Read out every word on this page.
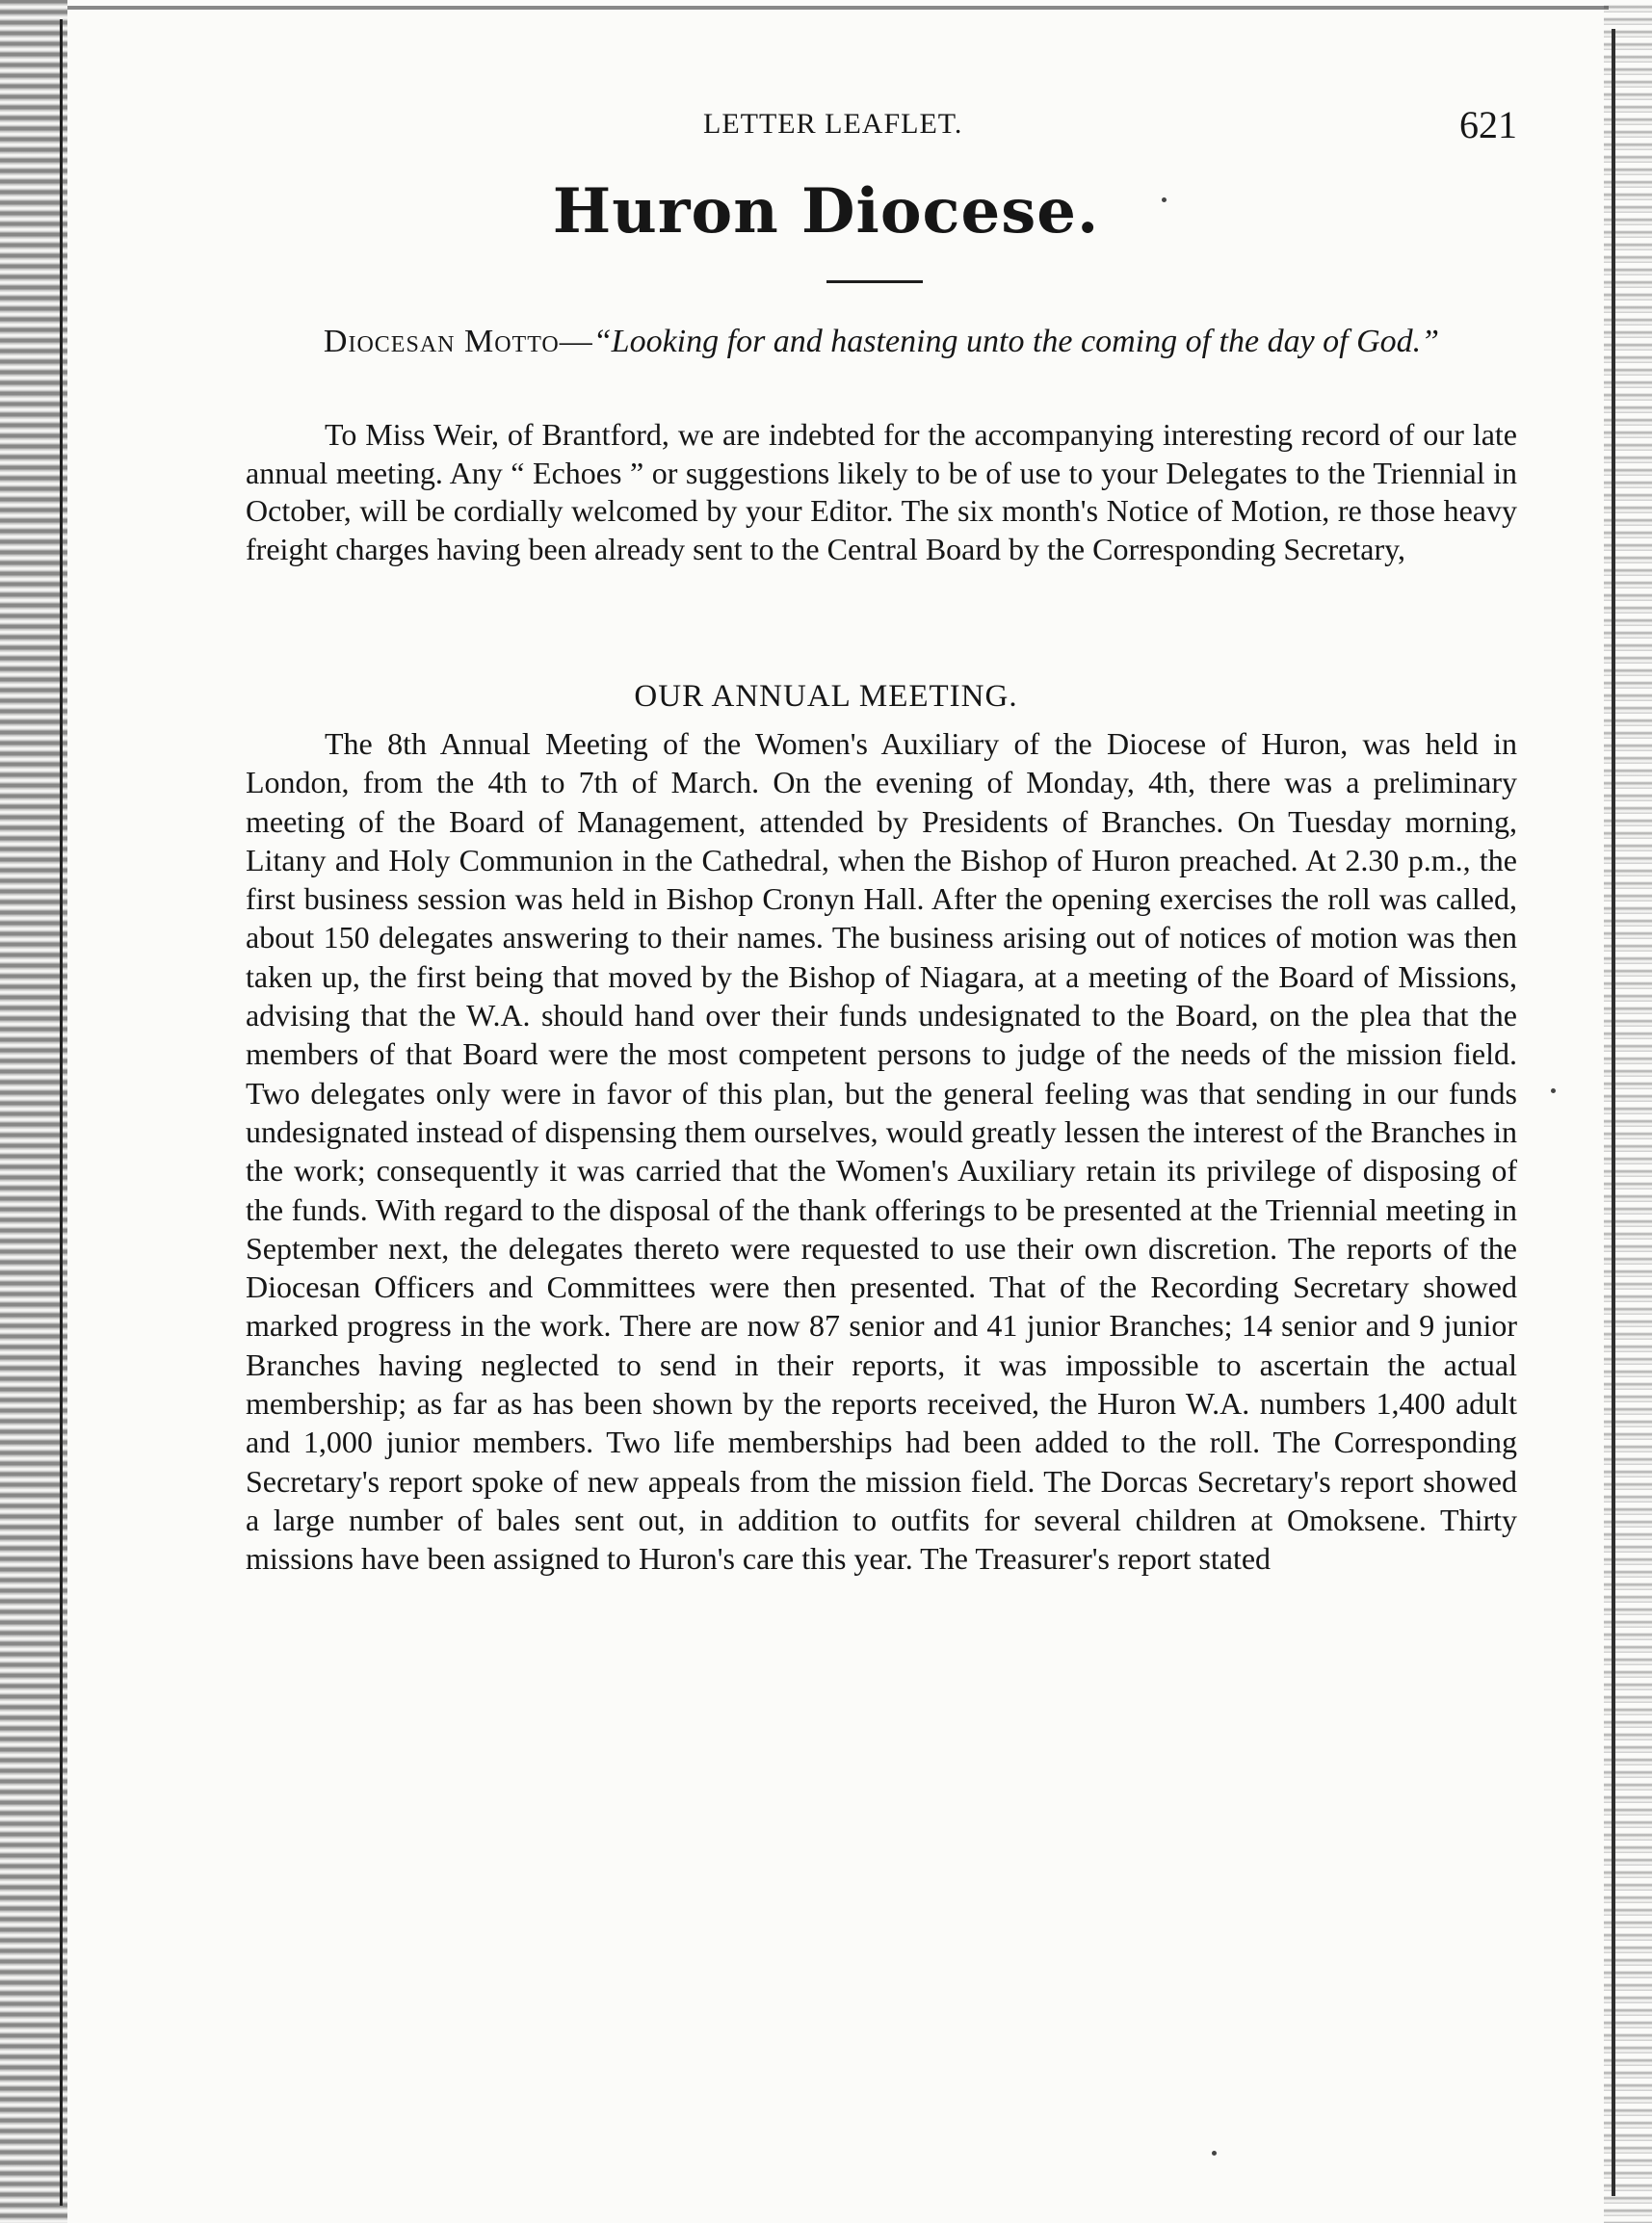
LETTER LEAFLET.	621
Huron Diocese.
Diocesan Motto—“Looking for and hastening unto the coming of the day of God.”

To Miss Weir, of Brantford, we are indebted for the accompanying interesting record of our late annual meeting. Any “ Echoes ” or suggestions likely to be of use to your Delegates to the Triennial in October, will be cordially welcomed by your Editor. The six month's Notice of Motion, re those heavy freight charges having been already sent to the Central Board by the Corresponding Secretary,

OUR ANNUAL MEETING.

The 8th Annual Meeting of the Women's Auxiliary of the Diocese of Huron, was held in London, from the 4th to 7th of March. On the evening of Monday, 4th, there was a preliminary meeting of the Board of Management, attended by Presidents of Branches. On Tuesday morning, Litany and Holy Communion in the Cathedral, when the Bishop of Huron preached. At 2.30 p.m., the first business session was held in Bishop Cronyn Hall. After the opening exercises the roll was called, about 150 delegates answering to their names. The business arising out of notices of motion was then taken up, the first being that moved by the Bishop of Niagara, at a meeting of the Board of Missions, advising that the W.A. should hand over their funds undesignated to the Board, on the plea that the members of that Board were the most competent persons to judge of the needs of the mission field. Two delegates only were in favor of this plan, but the general feeling was that sending in our funds undesignated instead of dispensing them ourselves, would greatly lessen the interest of the Branches in the work; consequently it was carried that the Women's Auxiliary retain its privilege of disposing of the funds. With regard to the disposal of the thank offerings to be presented at the Triennial meeting in September next, the delegates thereto were requested to use their own discretion. The reports of the Diocesan Officers and Committees were then presented. That of the Recording Secretary showed marked progress in the work. There are now 87 senior and 41 junior Branches; 14 senior and 9 junior Branches having neglected to send in their reports, it was impossible to ascertain the actual membership; as far as has been shown by the reports received, the Huron W.A. numbers 1,400 adult and 1,000 junior members. Two life memberships had been added to the roll. The Corresponding Secretary's report spoke of new appeals from the mission field. The Dorcas Secretary's report showed a large number of bales sent out, in addition to outfits for several children at Omoksene. Thirty missions have been assigned to Huron's care this year. The Treasurer's report stated
